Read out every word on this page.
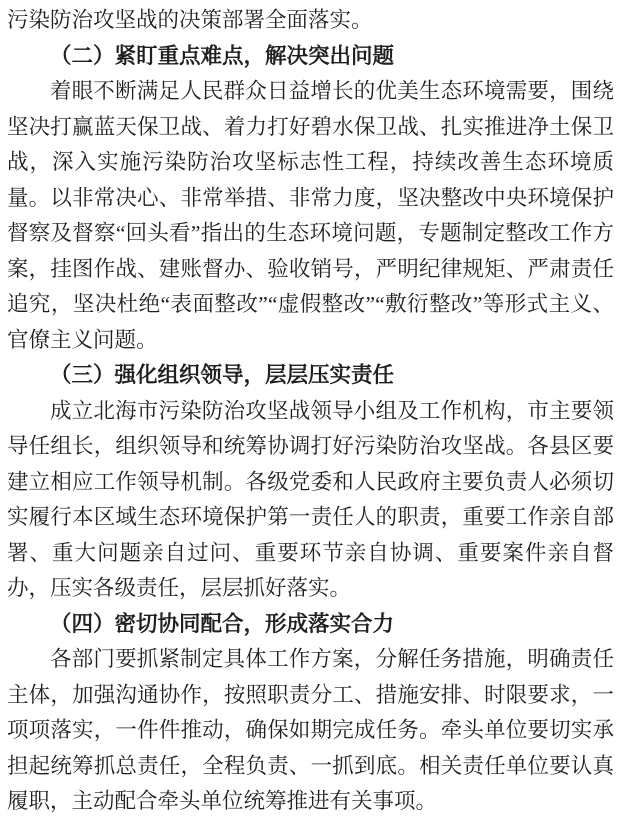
污染防治攻坚战的决策部署全面落实。

（二）紧盯重点难点，解决突出问题

着眼不断满足人民群众日益增长的优美生态环境需要，围绕坚决打赢蓝天保卫战、着力打好碧水保卫战、扎实推进净土保卫战，深入实施污染防治攻坚标志性工程，持续改善生态环境质量。以非常决心、非常举措、非常力度，坚决整改中央环境保护督察及督察“回头看”指出的生态环境问题，专题制定整改工作方案，挂图作战、建账督办、验收销号，严明纪律规矩、严肃责任追究，坚决杜绝“表面整改”“虚假整改”“敷衍整改”等形式主义、官僚主义问题。

（三）强化组织领导，层层压实责任

成立北海市污染防治攻坚战领导小组及工作机构，市主要领导任组长，组织领导和统筹协调打好污染防治攻坚战。各县区要建立相应工作领导机制。各级党委和人民政府主要负责人必须切实履行本区域生态环境保护第一责任人的职责，重要工作亲自部署、重大问题亲自过问、重要环节亲自协调、重要案件亲自督办，压实各级责任，层层抓好落实。

（四）密切协同配合，形成落实合力

各部门要抓紧制定具体工作方案，分解任务措施，明确责任主体，加强沟通协作，按照职责分工、措施安排、时限要求，一项项落实，一件件推动，确保如期完成任务。牵头单位要切实承担起统筹抓总责任，全程负责、一抓到底。相关责任单位要认真履职，主动配合牵头单位统筹推进有关事项。
